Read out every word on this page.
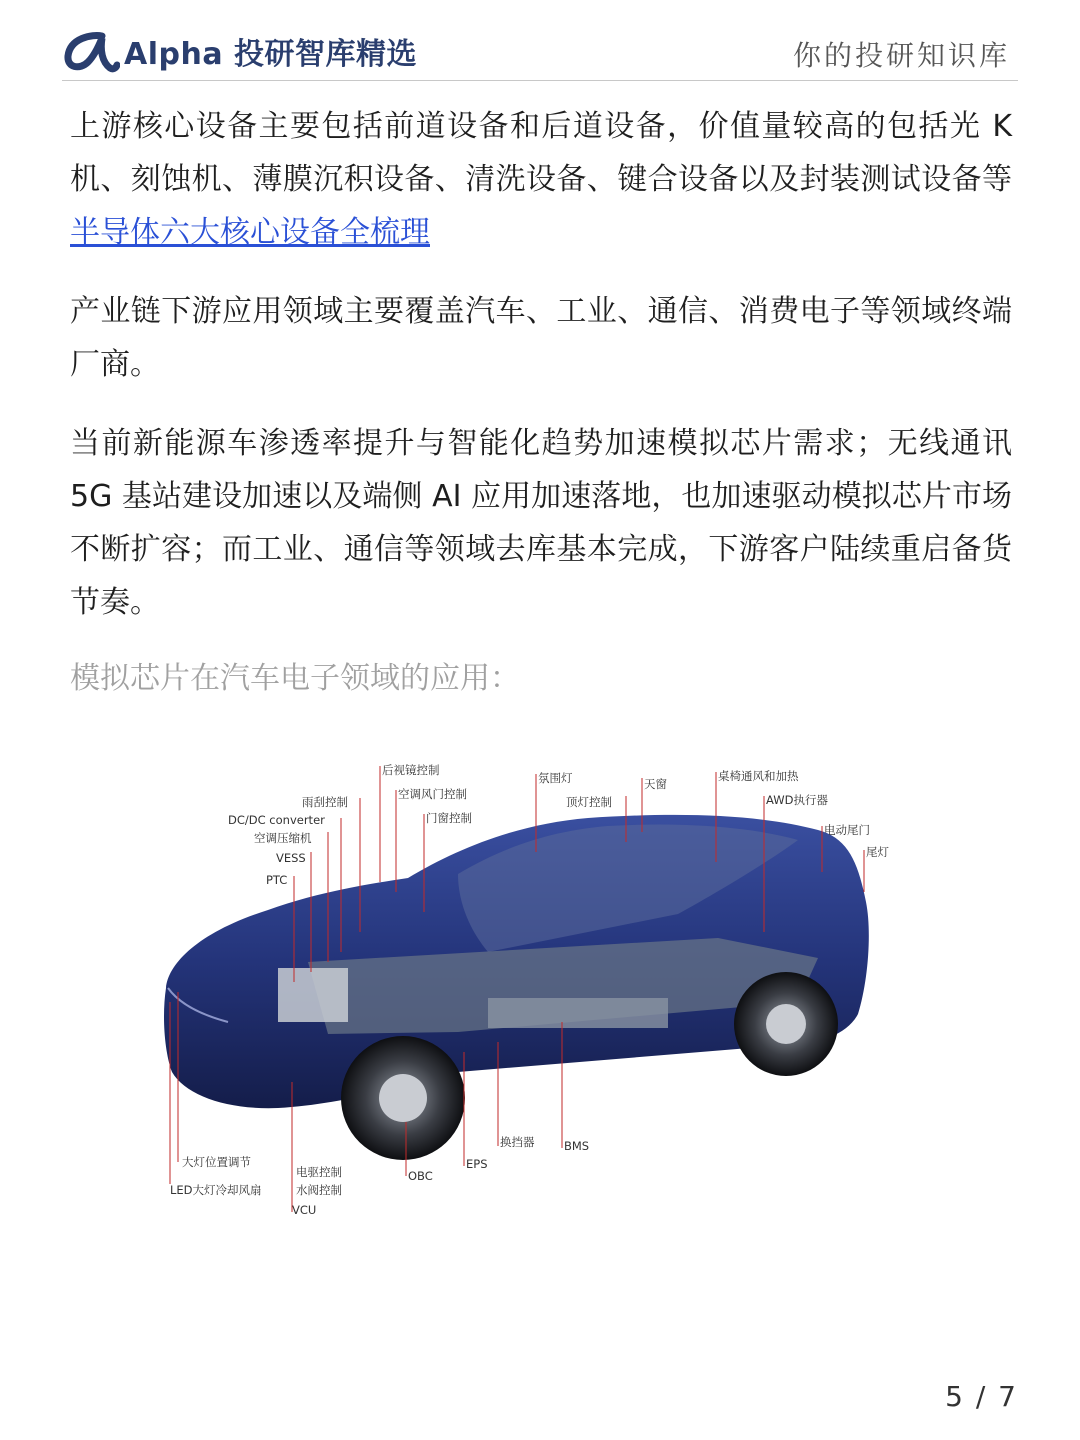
Alpha 投研智库精选	你的投研知识库

上游核心设备主要包括前道设备和后道设备，价值量较高的包括光 K 机、刻蚀机、薄膜沉积设备、清洗设备、键合设备以及封装测试设备等半导体六大核心设备全梳理

产业链下游应用领域主要覆盖汽车、工业、通信、消费电子等领域终端厂商。

当前新能源车渗透率提升与智能化趋势加速模拟芯片需求；无线通讯 5G 基站建设加速以及端侧 AI 应用加速落地，也加速驱动模拟芯片市场不断扩容；而工业、通信等领域去库基本完成，下游客户陆续重启备货节奏。

模拟芯片在汽车电子领域的应用：
后视镜控制
空调风门控制
门窗控制
雨刮控制
DC/DC converter
空调压缩机
VESS
PTC
氛围灯
顶灯控制
天窗
桌椅通风和加热
AWD执行器
电动尾门
尾灯
大灯位置调节
LED大灯冷却风扇
电驱控制
水阀控制
VCU
OBC
EPS
换挡器	BMS
5 / 7
